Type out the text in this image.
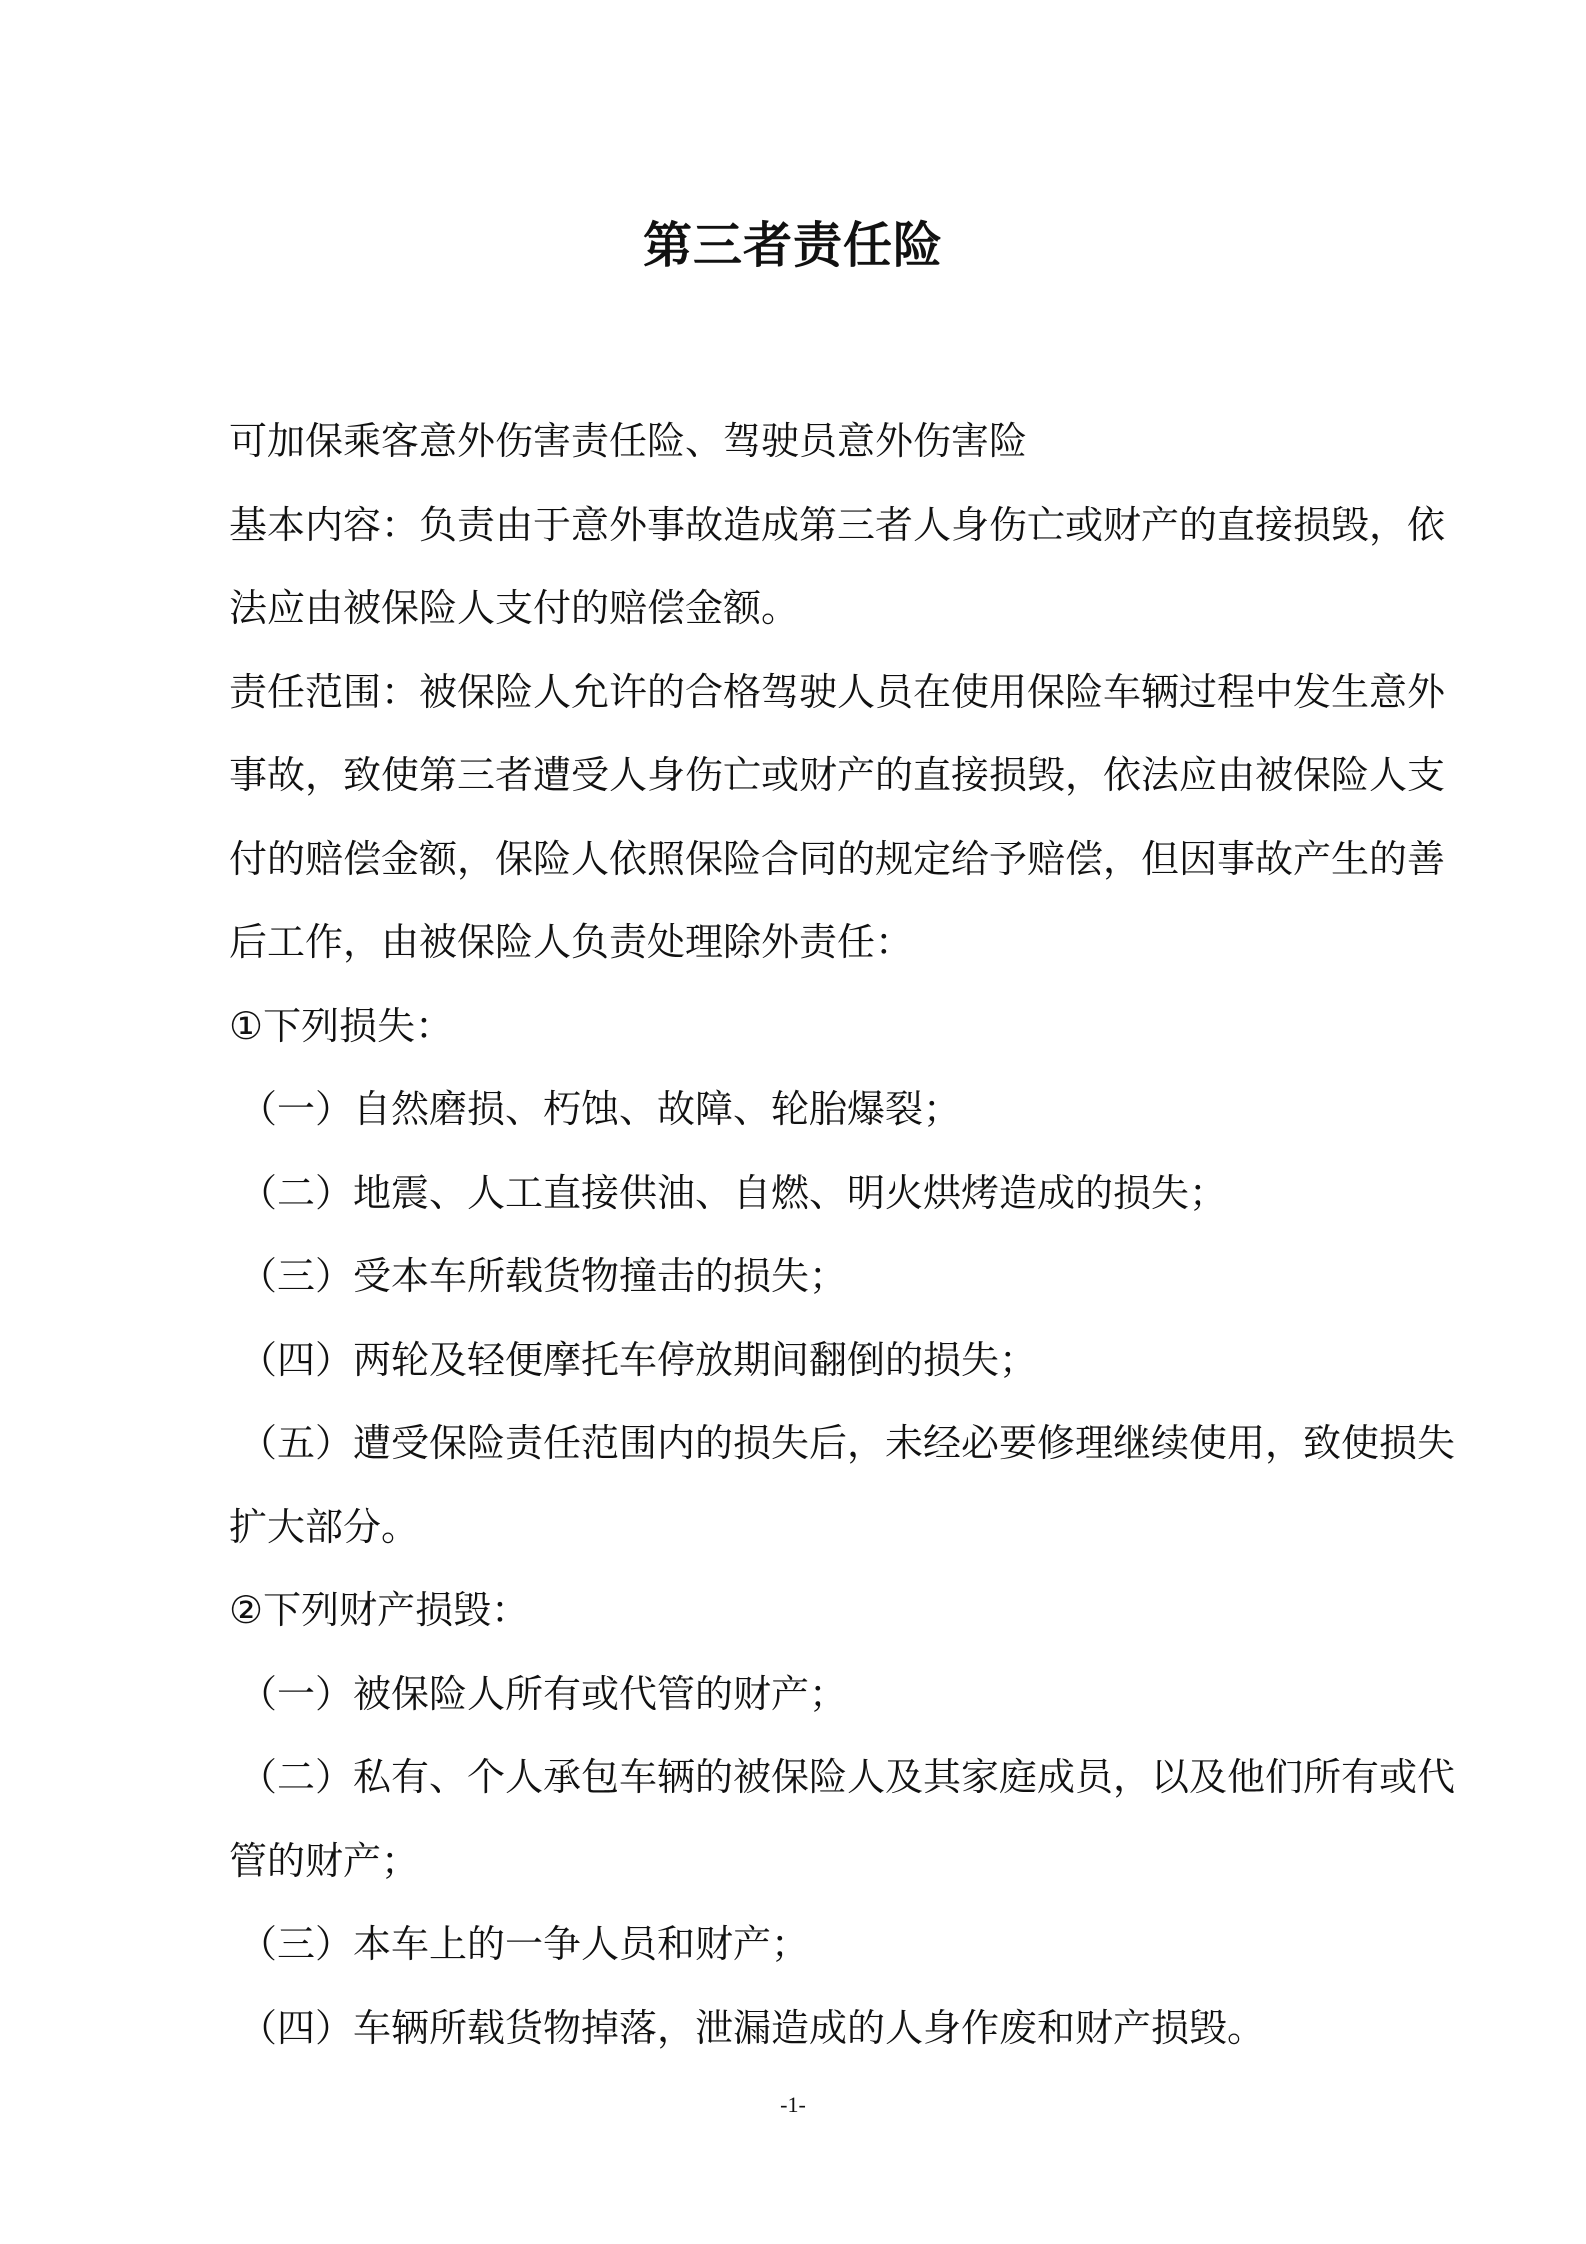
第三者责任险
可加保乘客意外伤害责任险、驾驶员意外伤害险
基本内容：负责由于意外事故造成第三者人身伤亡或财产的直接损毁，依
法应由被保险人支付的赔偿金额。
责任范围：被保险人允许的合格驾驶人员在使用保险车辆过程中发生意外
事故，致使第三者遭受人身伤亡或财产的直接损毁，依法应由被保险人支
付的赔偿金额，保险人依照保险合同的规定给予赔偿，但因事故产生的善
后工作，由被保险人负责处理除外责任：
①下列损失：
（一）自然磨损、朽蚀、故障、轮胎爆裂；
（二）地震、人工直接供油、自燃、明火烘烤造成的损失；
（三）受本车所载货物撞击的损失；
（四）两轮及轻便摩托车停放期间翻倒的损失；
（五）遭受保险责任范围内的损失后，未经必要修理继续使用，致使损失
扩大部分。
②下列财产损毁：
（一）被保险人所有或代管的财产；
（二）私有、个人承包车辆的被保险人及其家庭成员，以及他们所有或代
管的财产；
（三）本车上的一争人员和财产；
（四）车辆所载货物掉落，泄漏造成的人身作废和财产损毁。
-1-
